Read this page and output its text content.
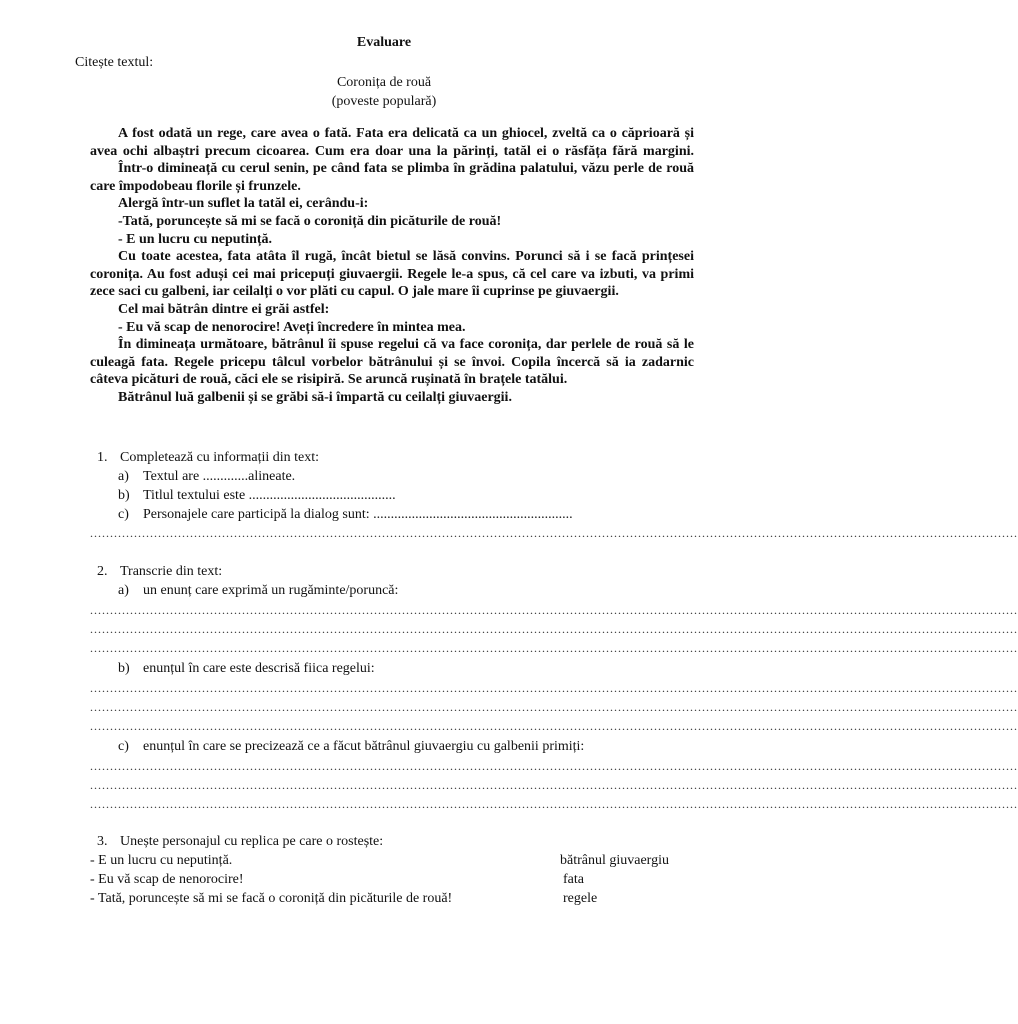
Evaluare
Citește textul:
Coronița de rouă
(poveste populară)

A fost odată un rege, care avea o fată. Fata era delicată ca un ghiocel, zveltă ca o căprioară și avea ochi albaștri precum cicoarea. Cum era doar una la părinți, tatăl ei o răsfăța fără margini.

Într-o dimineață cu cerul senin, pe când fata se plimba în grădina palatului, văzu perle de rouă care împodobeau florile și frunzele.

Alergă într-un suflet la tatăl ei, cerându-i:

-Tată, poruncește să mi se facă o coroniță din picăturile de rouă!

- E un lucru cu neputință.

Cu toate acestea, fata atâta îl rugă, încât bietul se lăsă convins. Porunci să i se facă prințesei coronița. Au fost aduși cei mai pricepuți giuvaergii. Regele le-a spus, că cel care va izbuti, va primi zece saci cu galbeni, iar ceilalți o vor plăti cu capul. O jale mare îi cuprinse pe giuvaergii.

Cel mai bătrân dintre ei grăi astfel:

- Eu vă scap de nenorocire! Aveți încredere în mintea mea.

În dimineața următoare, bătrânul îi spuse regelui că va face coronița, dar perlele de rouă să le culeagă fata. Regele pricepu tâlcul vorbelor bătrânului și se învoi. Copila încercă să ia zadarnic câteva picături de rouă, căci ele se risipiră. Se aruncă rușinată în brațele tatălui.

Bătrânul luă galbenii și se grăbi să-i împartă cu ceilalți giuvaergii.

1. Completează cu informații din text:
a) Textul are .............alineate.
b) Titlul textului este ..........................................
c) Personajele care participă la dialog sunt: .........................................................
........................................................................................................................................................................................................................................
2. Transcrie din text:
a) un enunț care exprimă un rugăminte/poruncă:
........................................................................................................................................................................................................................................
........................................................................................................................................................................................................................................
........................................................................................................................................................................................................................................
b) enunțul în care este descrisă fiica regelui:
........................................................................................................................................................................................................................................
........................................................................................................................................................................................................................................
........................................................................................................................................................................................................................................
c) enunțul în care se precizează ce a făcut bătrânul giuvaergiu cu galbenii primiți:
........................................................................................................................................................................................................................................
........................................................................................................................................................................................................................................
........................................................................................................................................................................................................................................
3. Unește personajul cu replica pe care o rostește:
- E un lucru cu neputință.
- Eu vă scap de nenorocire!
- Tată, poruncește să mi se facă o coroniță din picăturile de rouă!
bătrânul giuvaergiu
fata
regele
